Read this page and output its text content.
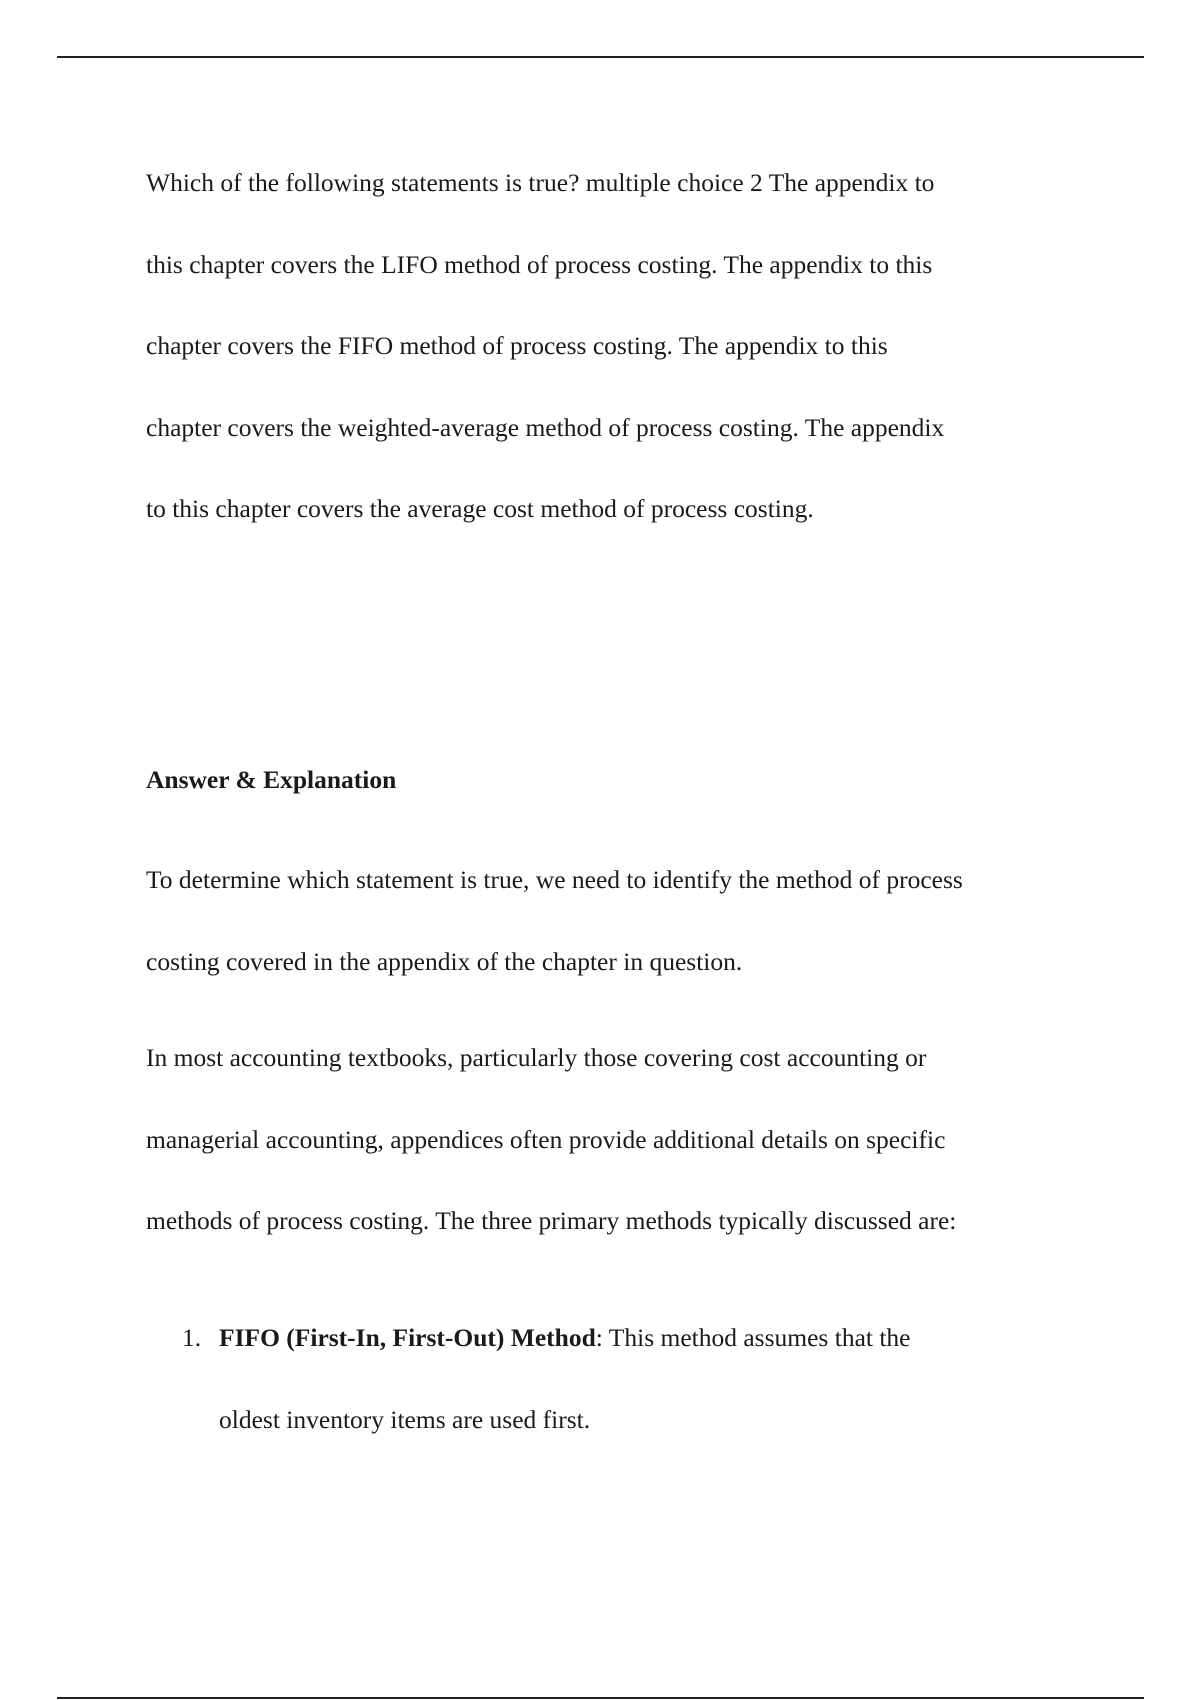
Which of the following statements is true? multiple choice 2 The appendix to

this chapter covers the LIFO method of process costing. The appendix to this

chapter covers the FIFO method of process costing. The appendix to this

chapter covers the weighted-average method of process costing. The appendix

to this chapter covers the average cost method of process costing.

Answer & Explanation
To determine which statement is true, we need to identify the method of process
costing covered in the appendix of the chapter in question.
In most accounting textbooks, particularly those covering cost accounting or
managerial accounting, appendices often provide additional details on specific
methods of process costing. The three primary methods typically discussed are:
1. FIFO (First-In, First-Out) Method: This method assumes that the
oldest inventory items are used first.
